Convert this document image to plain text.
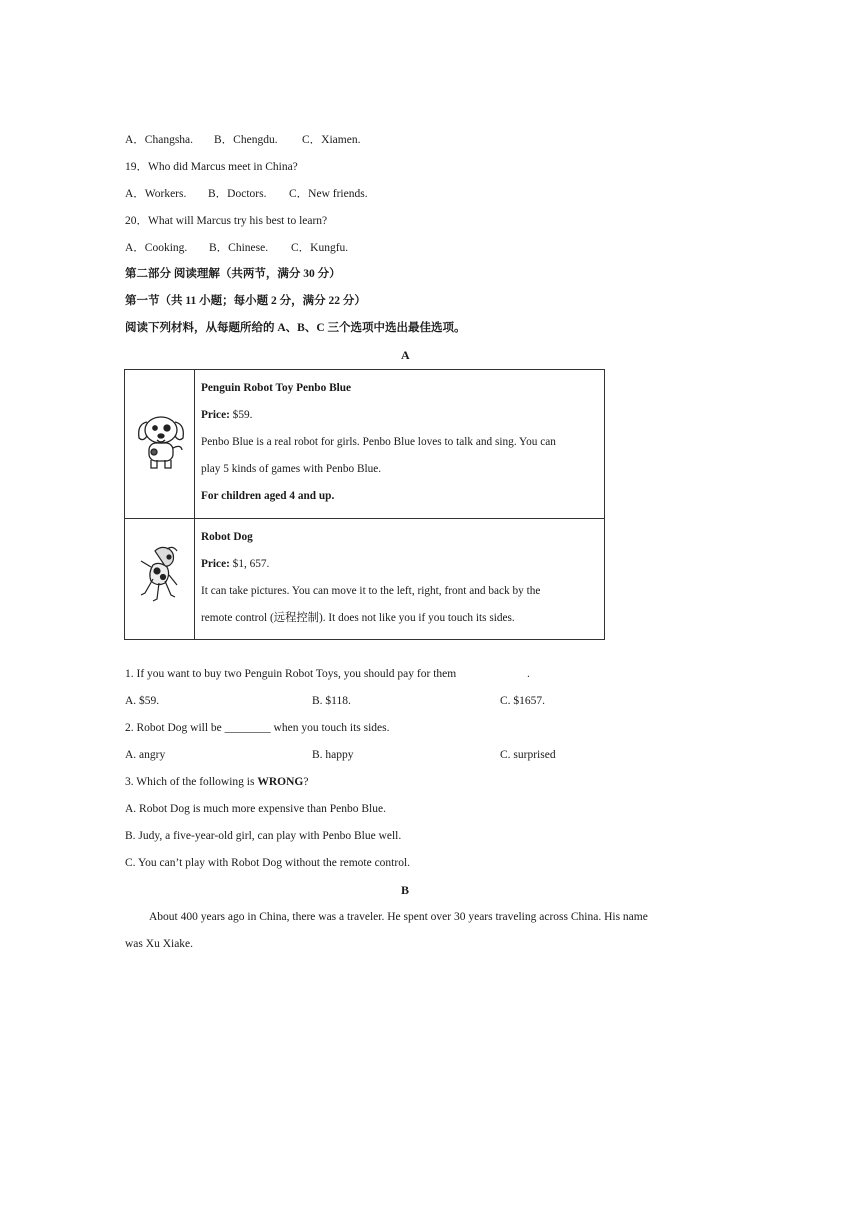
A．Changsha. B．Chengdu. C．Xiamen.
19．Who did Marcus meet in China?
A．Workers. B．Doctors. C．New friends.
20．What will Marcus try his best to learn?
A．Cooking. B．Chinese. C．Kungfu.
第二部分 阅读理解（共两节，满分 30 分）
第一节（共 11 小题；每小题 2 分，满分 22 分）
阅读下列材料，从每题所给的 A、B、C 三个选项中选出最佳选项。
A

Penguin Robot Toy Penbo Blue
Price: $59.
Penbo Blue is a real robot for girls. Penbo Blue loves to talk and sing. You can
play 5 kinds of games with Penbo Blue.
For children aged 4 and up.

Robot Dog
Price: $1, 657.
It can take pictures. You can move it to the left, right, front and back by the
remote control (远程控制). It does not like you if you touch its sides.
1. If you want to buy two Penguin Robot Toys, you should pay for them	.
A. $59.	B. $118.	C. $1657.
2. Robot Dog will be ________ when you touch its sides.
A. angry	B. happy	C. surprised
3. Which of the following is WRONG?
A. Robot Dog is much more expensive than Penbo Blue.
B. Judy, a five-year-old girl, can play with Penbo Blue well.
C. You can’t play with Robot Dog without the remote control.
B
About 400 years ago in China, there was a traveler. He spent over 30 years traveling across China. His name
was Xu Xiake.
